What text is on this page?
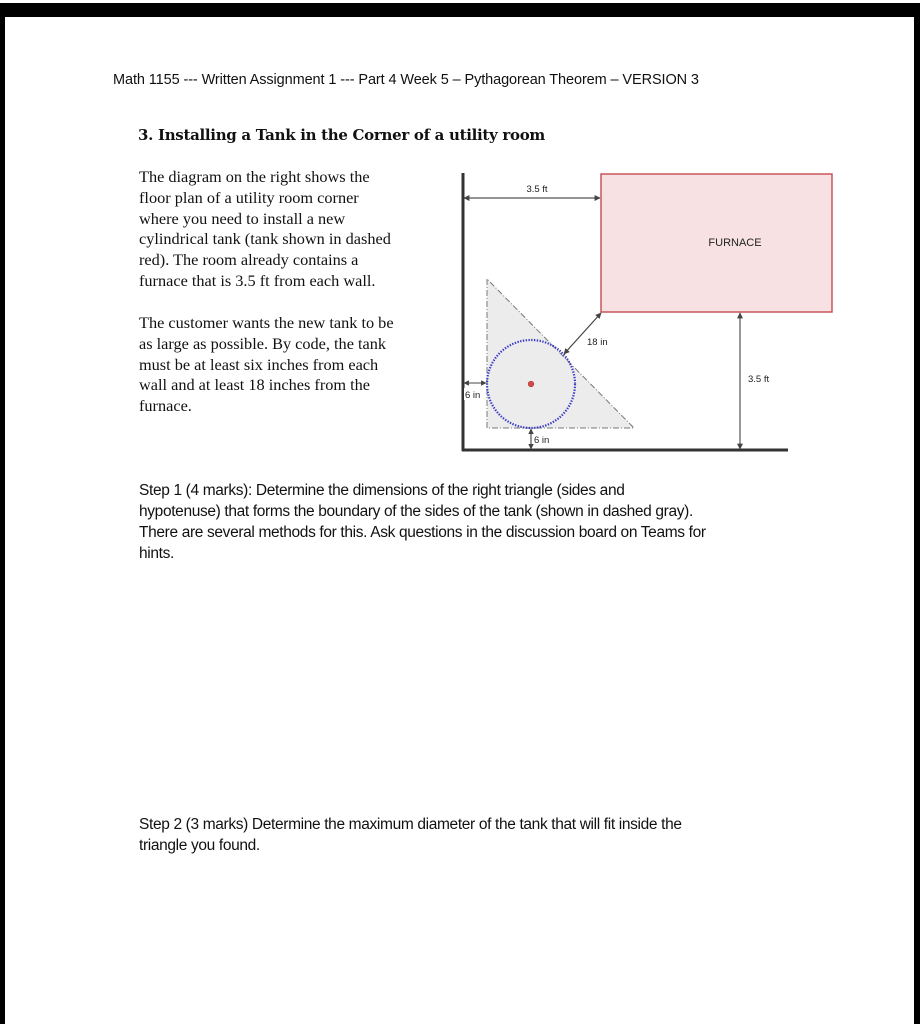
Math 1155 --- Written Assignment 1 --- Part 4 Week 5 – Pythagorean Theorem – VERSION 3
3. Installing a Tank in the Corner of a utility room
The diagram on the right shows the
floor plan of a utility room corner
where you need to install a new
cylindrical tank (tank shown in dashed
red). The room already contains a
furnace that is 3.5 ft from each wall.
The customer wants the new tank to be
as large as possible. By code, the tank
must be at least six inches from each
wall and at least 18 inches from the
furnace.
FURNACE
3.5 ft
3.5 ft
18 in
6 in
6 in
Step 1 (4 marks): Determine the dimensions of the right triangle (sides and
hypotenuse) that forms the boundary of the sides of the tank (shown in dashed gray).
There are several methods for this. Ask questions in the discussion board on Teams for
hints.
Step 2 (3 marks) Determine the maximum diameter of the tank that will fit inside the
triangle you found.
